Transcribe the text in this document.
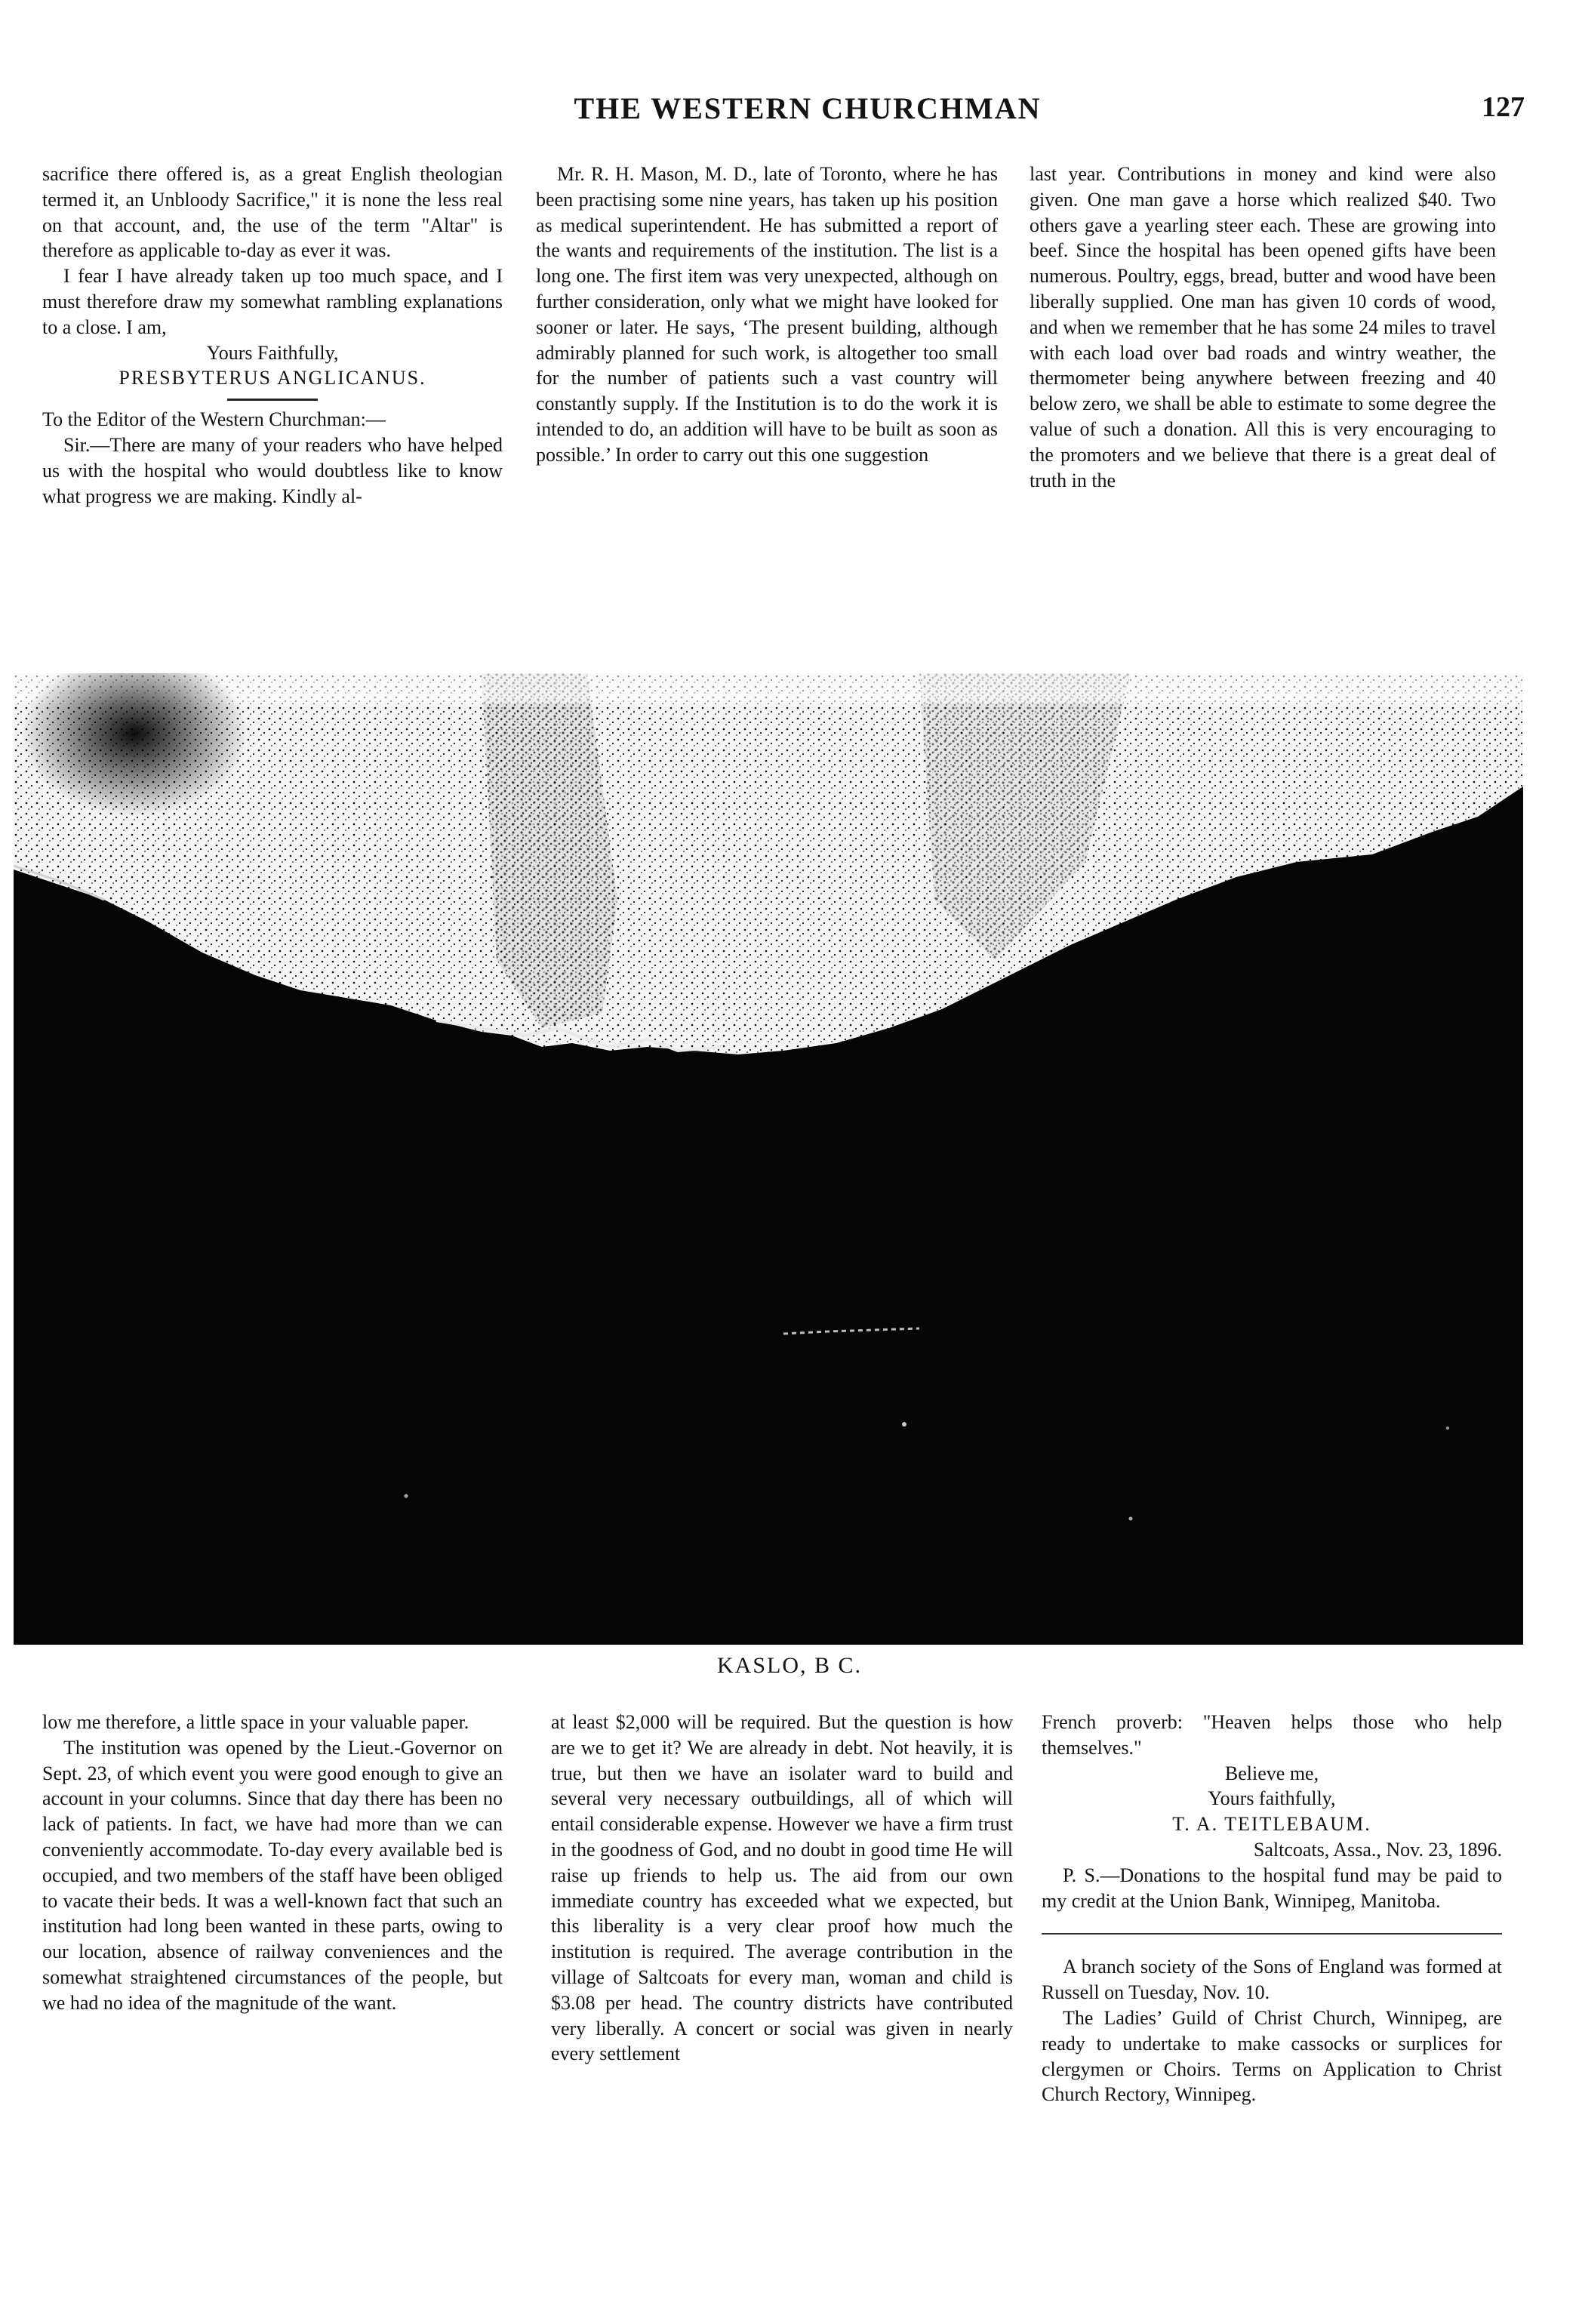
THE WESTERN CHURCHMAN	127

sacrifice there offered is, as a great English theologian termed it, an Unbloody Sacrifice," it is none the less real on that account, and, the use of the term "Altar" is therefore as applicable to-day as ever it was.

I fear I have already taken up too much space, and I must therefore draw my somewhat rambling explanations to a close. I am,

Yours Faithfully,

PRESBYTERUS ANGLICANUS.

To the Editor of the Western Churchman:—

Sir.—There are many of your readers who have helped us with the hospital who would doubtless like to know what progress we are making. Kindly al-

Mr. R. H. Mason, M. D., late of Toronto, where he has been practising some nine years, has taken up his position as medical superintendent. He has submitted a report of the wants and requirements of the institution. The list is a long one. The first item was very unexpected, although on further consideration, only what we might have looked for sooner or later. He says, ‘The present building, although admirably planned for such work, is altogether too small for the number of patients such a vast country will constantly supply. If the Institution is to do the work it is intended to do, an addition will have to be built as soon as possible.’ In order to carry out this one suggestion

last year. Contributions in money and kind were also given. One man gave a horse which realized $40. Two others gave a yearling steer each. These are growing into beef. Since the hospital has been opened gifts have been numerous. Poultry, eggs, bread, butter and wood have been liberally supplied. One man has given 10 cords of wood, and when we remember that he has some 24 miles to travel with each load over bad roads and wintry weather, the thermometer being anywhere between freezing and 40 below zero, we shall be able to estimate to some degree the value of such a donation. All this is very encouraging to the promoters and we believe that there is a great deal of truth in the

KASLO, B C.

low me therefore, a little space in your valuable paper.

The institution was opened by the Lieut.-Governor on Sept. 23, of which event you were good enough to give an account in your columns. Since that day there has been no lack of patients. In fact, we have had more than we can conveniently accommodate. To-day every available bed is occupied, and two members of the staff have been obliged to vacate their beds. It was a well-known fact that such an institution had long been wanted in these parts, owing to our location, absence of railway conveniences and the somewhat straightened circumstances of the people, but we had no idea of the magnitude of the want.

at least $2,000 will be required. But the question is how are we to get it? We are already in debt. Not heavily, it is true, but then we have an isolater ward to build and several very necessary outbuildings, all of which will entail considerable expense. However we have a firm trust in the goodness of God, and no doubt in good time He will raise up friends to help us. The aid from our own immediate country has exceeded what we expected, but this liberality is a very clear proof how much the institution is required. The average contribution in the village of Saltcoats for every man, woman and child is $3.08 per head. The country districts have contributed very liberally. A concert or social was given in nearly every settlement

French proverb: "Heaven helps those who help themselves."

Believe me,

Yours faithfully,

T. A. TEITLEBAUM.

Saltcoats, Assa., Nov. 23, 1896.

P. S.—Donations to the hospital fund may be paid to my credit at the Union Bank, Winnipeg, Manitoba.

A branch society of the Sons of England was formed at Russell on Tuesday, Nov. 10.

The Ladies’ Guild of Christ Church, Winnipeg, are ready to undertake to make cassocks or surplices for clergymen or Choirs. Terms on Application to Christ Church Rectory, Winnipeg.
